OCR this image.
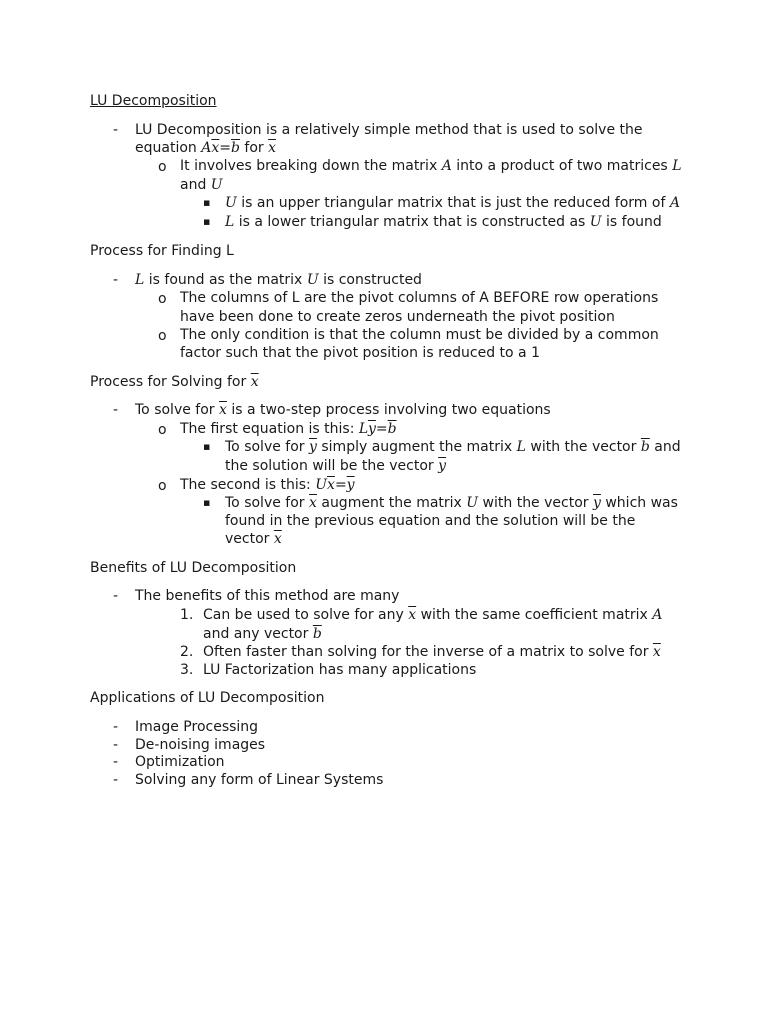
LU Decomposition
- LU Decomposition is a relatively simple method that is used to solve the
equation $A\overline{x}=\overline{b}$ for $\overline{x}$
o It involves breaking down the matrix A into a product of two matrices L
and U
▪ U is an upper triangular matrix that is just the reduced form of A
▪ L is a lower triangular matrix that is constructed as U is found
Process for Finding L
- L is found as the matrix U is constructed
o The columns of L are the pivot columns of A BEFORE row operations
have been done to create zeros underneath the pivot position
o The only condition is that the column must be divided by a common
factor such that the pivot position is reduced to a 1
Process for Solving for $\overline{x}$
- To solve for $\overline{x}$ is a two-step process involving two equations
o The first equation is this: $L\overline{y}=\overline{b}$
▪ To solve for $\overline{y}$ simply augment the matrix L with the vector $\overline{b}$ and
the solution will be the vector $\overline{y}$
o The second is this: $U\overline{x}=\overline{y}$
▪ To solve for $\overline{x}$ augment the matrix U with the vector $\overline{y}$ which was
found in the previous equation and the solution will be the
vector $\overline{x}$
Benefits of LU Decomposition
- The benefits of this method are many
1. Can be used to solve for any $\overline{x}$ with the same coefficient matrix A
and any vector $\overline{b}$
2. Often faster than solving for the inverse of a matrix to solve for $\overline{x}$
3. LU Factorization has many applications
Applications of LU Decomposition
- Image Processing
- De-noising images
- Optimization
- Solving any form of Linear Systems
